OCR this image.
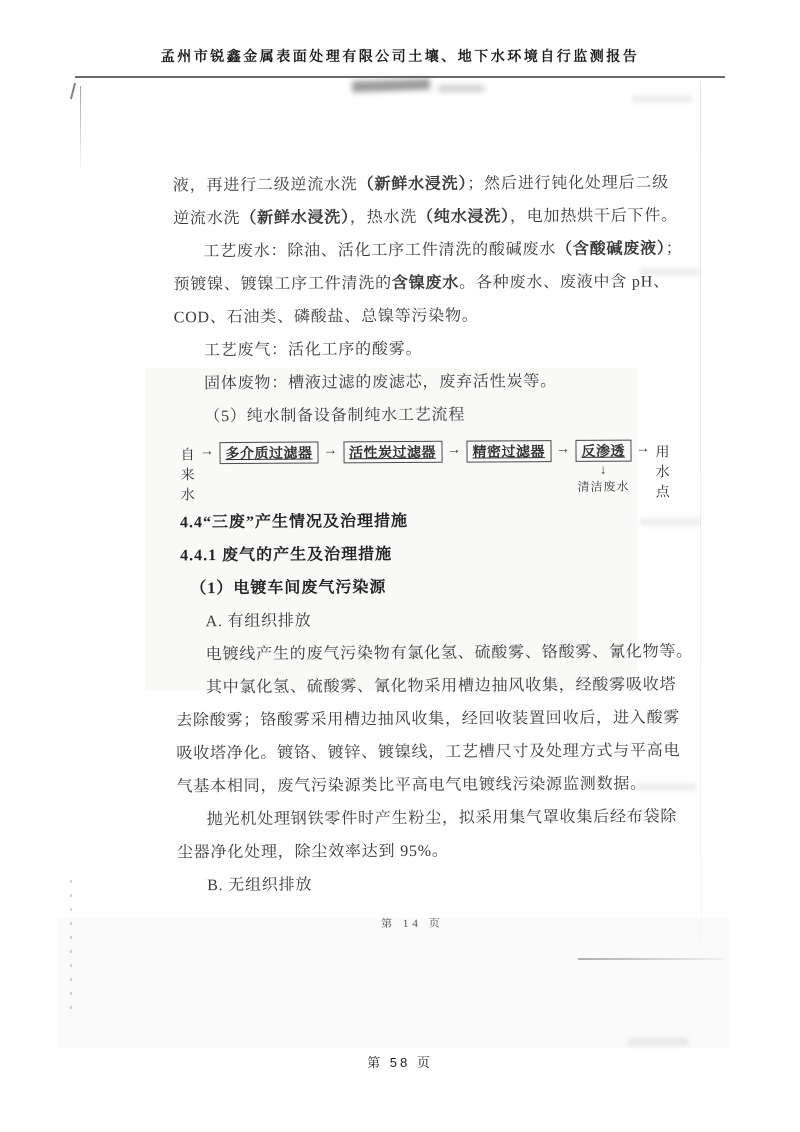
孟州市锐鑫金属表面处理有限公司土壤、地下水环境自行监测报告
液，再进行二级逆流水洗（新鲜水浸洗）；然后进行钝化处理后二级
逆流水洗（新鲜水浸洗），热水洗（纯水浸洗），电加热烘干后下件。
工艺废水：除油、活化工序工件清洗的酸碱废水（含酸碱废液）；
预镀镍、镀镍工序工件清洗的含镍废水。各种废水、废液中含 pH、
COD、石油类、磷酸盐、总镍等污染物。
工艺废气：活化工序的酸雾。
固体废物：槽液过滤的废滤芯，废弃活性炭等。
（5）纯水制备设备制纯水工艺流程
自来水
→ 多介质过滤器 → 活性炭过滤器 → 精密过滤器 → 反渗透
↓
清洁废水
→ 用水点
4.4“三废”产生情况及治理措施
4.4.1 废气的产生及治理措施
（1）电镀车间废气污染源
A. 有组织排放
电镀线产生的废气污染物有氯化氢、硫酸雾、铬酸雾、氰化物等。
其中氯化氢、硫酸雾、氰化物采用槽边抽风收集，经酸雾吸收塔
去除酸雾；铬酸雾采用槽边抽风收集，经回收装置回收后，进入酸雾
吸收塔净化。镀铬、镀锌、镀镍线，工艺槽尺寸及处理方式与平高电
气基本相同，废气污染源类比平高电气电镀线污染源监测数据。
抛光机处理钢铁零件时产生粉尘，拟采用集气罩收集后经布袋除
尘器净化处理，除尘效率达到 95%。
B. 无组织排放
第 14 页
第 58 页
